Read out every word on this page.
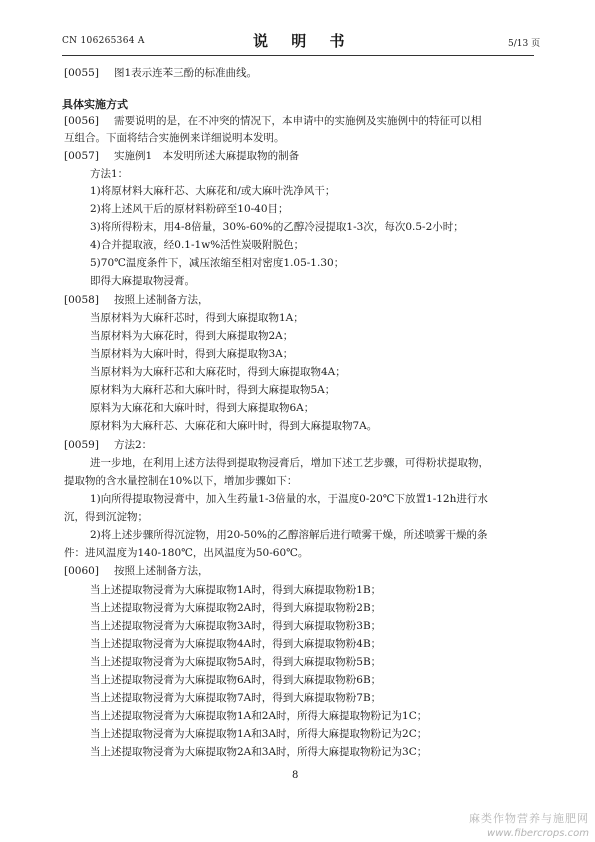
CN 106265364 A	说 明 书	5/13 页
[0055] 图1表示连苯三酚的标准曲线。
具体实施方式
[0056] 需要说明的是，在不冲突的情况下，本申请中的实施例及实施例中的特征可以相
互组合。下面将结合实施例来详细说明本发明。
[0057] 实施例1　本发明所述大麻提取物的制备
方法1：
1)将原材料大麻秆芯、大麻花和/或大麻叶洗净风干；
2)将上述风干后的原材料粉碎至10-40目；
3)将所得粉末，用4-8倍量，30%-60%的乙醇冷浸提取1-3次，每次0.5-2小时；
4)合并提取液，经0.1-1w%活性炭吸附脱色；
5)70℃温度条件下，减压浓缩至相对密度1.05-1.30；
即得大麻提取物浸膏。
[0058] 按照上述制备方法，
当原材料为大麻秆芯时，得到大麻提取物1A；
当原材料为大麻花时，得到大麻提取物2A；
当原材料为大麻叶时，得到大麻提取物3A；
当原材料为大麻秆芯和大麻花时，得到大麻提取物4A；
原材料为大麻秆芯和大麻叶时，得到大麻提取物5A；
原料为大麻花和大麻叶时，得到大麻提取物6A；
原材料为大麻秆芯、大麻花和大麻叶时，得到大麻提取物7A。
[0059] 方法2：
进一步地，在利用上述方法得到提取物浸膏后，增加下述工艺步骤，可得粉状提取物，
提取物的含水量控制在10%以下，增加步骤如下：
1)向所得提取物浸膏中，加入生药量1-3倍量的水，于温度0-20℃下放置1-12h进行水
沉，得到沉淀物；
2)将上述步骤所得沉淀物，用20-50%的乙醇溶解后进行喷雾干燥，所述喷雾干燥的条
件：进风温度为140-180℃，出风温度为50-60℃。
[0060] 按照上述制备方法，
当上述提取物浸膏为大麻提取物1A时，得到大麻提取物粉1B；
当上述提取物浸膏为大麻提取物2A时，得到大麻提取物粉2B；
当上述提取物浸膏为大麻提取物3A时，得到大麻提取物粉3B；
当上述提取物浸膏为大麻提取物4A时，得到大麻提取物粉4B；
当上述提取物浸膏为大麻提取物5A时，得到大麻提取物粉5B；
当上述提取物浸膏为大麻提取物6A时，得到大麻提取物粉6B；
当上述提取物浸膏为大麻提取物7A时，得到大麻提取物粉7B；
当上述提取物浸膏为大麻提取物1A和2A时，所得大麻提取物粉记为1C；
当上述提取物浸膏为大麻提取物1A和3A时，所得大麻提取物粉记为2C；
当上述提取物浸膏为大麻提取物2A和3A时，所得大麻提取物粉记为3C；
8
麻类作物营养与施肥网
www.fibercrops.com
